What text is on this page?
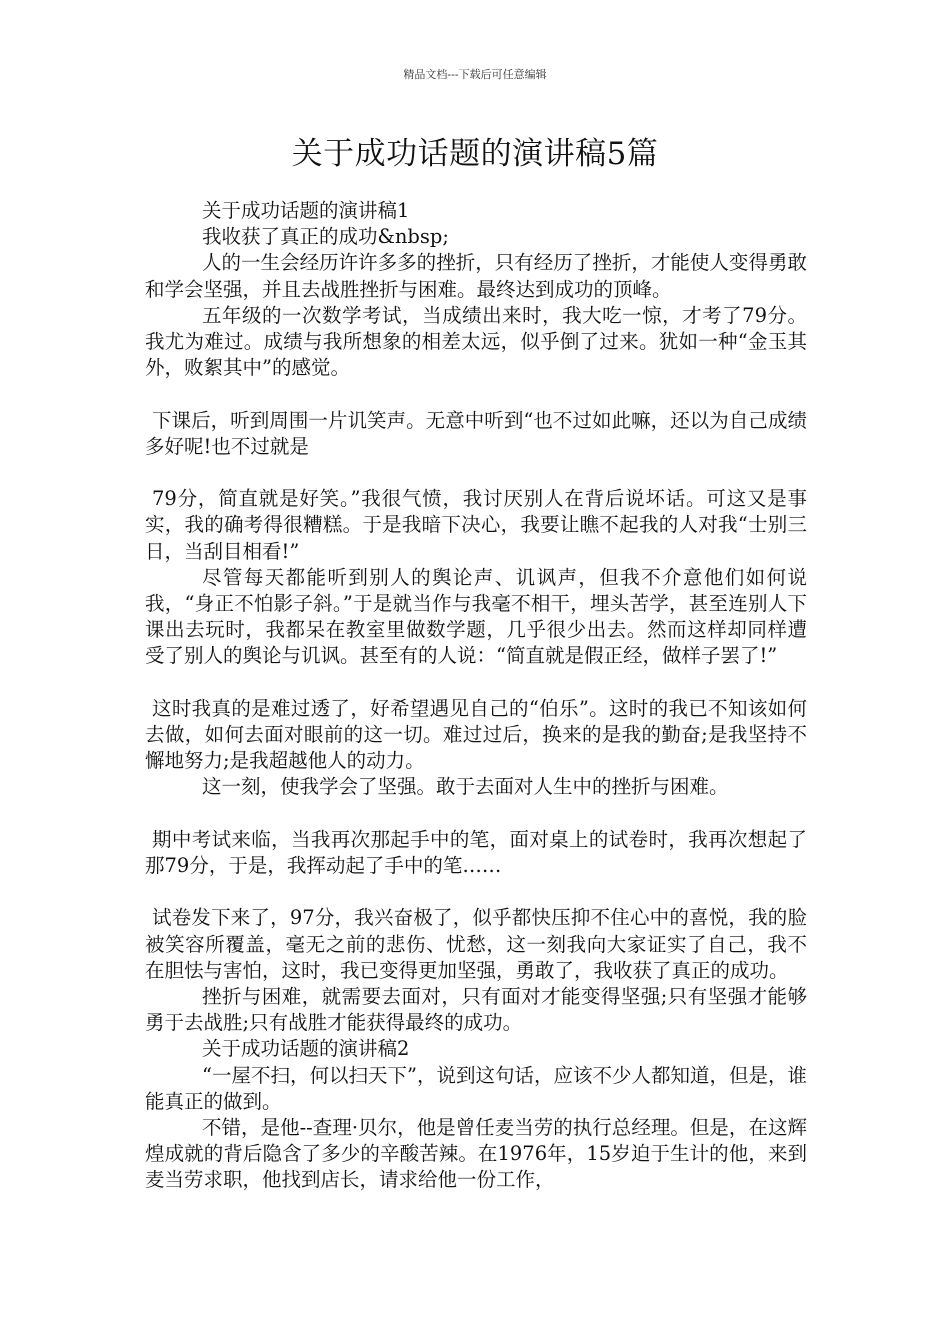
精品文档---下载后可任意编辑
关于成功话题的演讲稿5篇

关于成功话题的演讲稿1

我收获了真正的成功&nbsp;

人的一生会经历许许多多的挫折，只有经历了挫折，才能使人变得勇敢和学会坚强，并且去战胜挫折与困难。最终达到成功的顶峰。

五年级的一次数学考试，当成绩出来时，我大吃一惊，才考了79分。我尤为难过。成绩与我所想象的相差太远，似乎倒了过来。犹如一种“金玉其外，败絮其中”的感觉。

下课后，听到周围一片讥笑声。无意中听到“也不过如此嘛，还以为自己成绩多好呢!也不过就是

79分，简直就是好笑。”我很气愤，我讨厌别人在背后说坏话。可这又是事实，我的确考得很糟糕。于是我暗下决心，我要让瞧不起我的人对我“士别三日，当刮目相看!”

尽管每天都能听到别人的舆论声、讥讽声，但我不介意他们如何说我，“身正不怕影子斜。”于是就当作与我毫不相干，埋头苦学，甚至连别人下课出去玩时，我都呆在教室里做数学题，几乎很少出去。然而这样却同样遭受了别人的舆论与讥讽。甚至有的人说：“简直就是假正经，做样子罢了!”

这时我真的是难过透了，好希望遇见自己的“伯乐”。这时的我已不知该如何去做，如何去面对眼前的这一切。难过过后，换来的是我的勤奋;是我坚持不懈地努力;是我超越他人的动力。

这一刻，使我学会了坚强。敢于去面对人生中的挫折与困难。

期中考试来临，当我再次那起手中的笔，面对桌上的试卷时，我再次想起了那79分，于是，我挥动起了手中的笔……

试卷发下来了，97分，我兴奋极了，似乎都快压抑不住心中的喜悦，我的脸被笑容所覆盖，毫无之前的悲伤、忧愁，这一刻我向大家证实了自己，我不在胆怯与害怕，这时，我已变得更加坚强，勇敢了，我收获了真正的成功。

挫折与困难，就需要去面对，只有面对才能变得坚强;只有坚强才能够勇于去战胜;只有战胜才能获得最终的成功。

关于成功话题的演讲稿2

“一屋不扫，何以扫天下”，说到这句话，应该不少人都知道，但是，谁能真正的做到。

不错，是他--查理·贝尔，他是曾任麦当劳的执行总经理。但是，在这辉煌成就的背后隐含了多少的辛酸苦辣。在1976年，15岁迫于生计的他，来到麦当劳求职，他找到店长，请求给他一份工作，
